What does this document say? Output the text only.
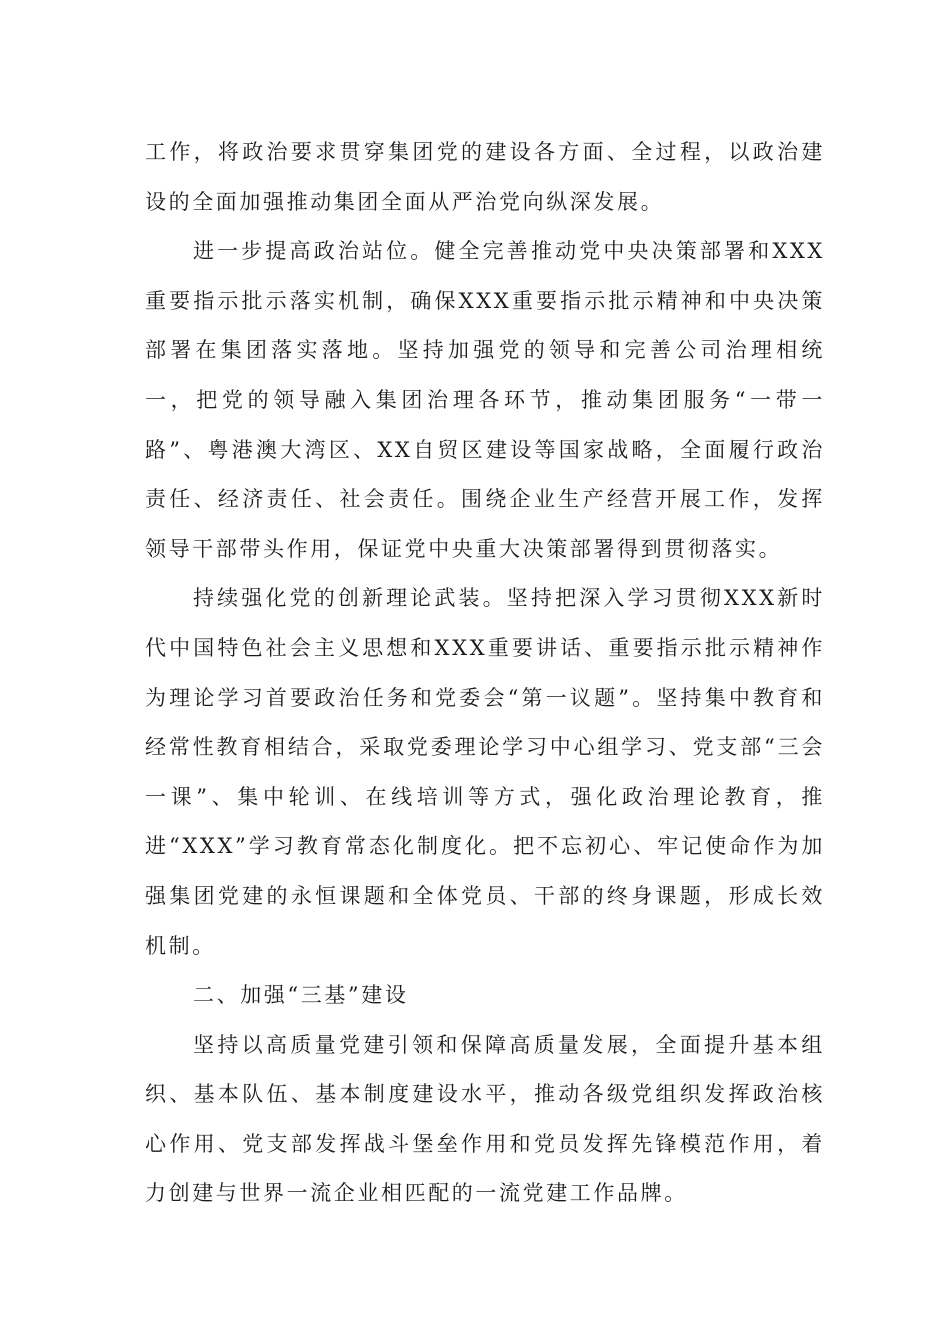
工作，将政治要求贯穿集团党的建设各方面、全过程，以政治建设的全面加强推动集团全面从严治党向纵深发展。

进一步提高政治站位。健全完善推动党中央决策部署和XXX重要指示批示落实机制，确保XXX重要指示批示精神和中央决策部署在集团落实落地。坚持加强党的领导和完善公司治理相统一，把党的领导融入集团治理各环节，推动集团服务“一带一路”、粤港澳大湾区、XX自贸区建设等国家战略，全面履行政治责任、经济责任、社会责任。围绕企业生产经营开展工作，发挥领导干部带头作用，保证党中央重大决策部署得到贯彻落实。

持续强化党的创新理论武装。坚持把深入学习贯彻XXX新时代中国特色社会主义思想和XXX重要讲话、重要指示批示精神作为理论学习首要政治任务和党委会“第一议题”。坚持集中教育和经常性教育相结合，采取党委理论学习中心组学习、党支部“三会一课”、集中轮训、在线培训等方式，强化政治理论教育，推进“XXX”学习教育常态化制度化。把不忘初心、牢记使命作为加强集团党建的永恒课题和全体党员、干部的终身课题，形成长效机制。

二、加强“三基”建设

坚持以高质量党建引领和保障高质量发展，全面提升基本组织、基本队伍、基本制度建设水平，推动各级党组织发挥政治核心作用、党支部发挥战斗堡垒作用和党员发挥先锋模范作用，着力创建与世界一流企业相匹配的一流党建工作品牌。
